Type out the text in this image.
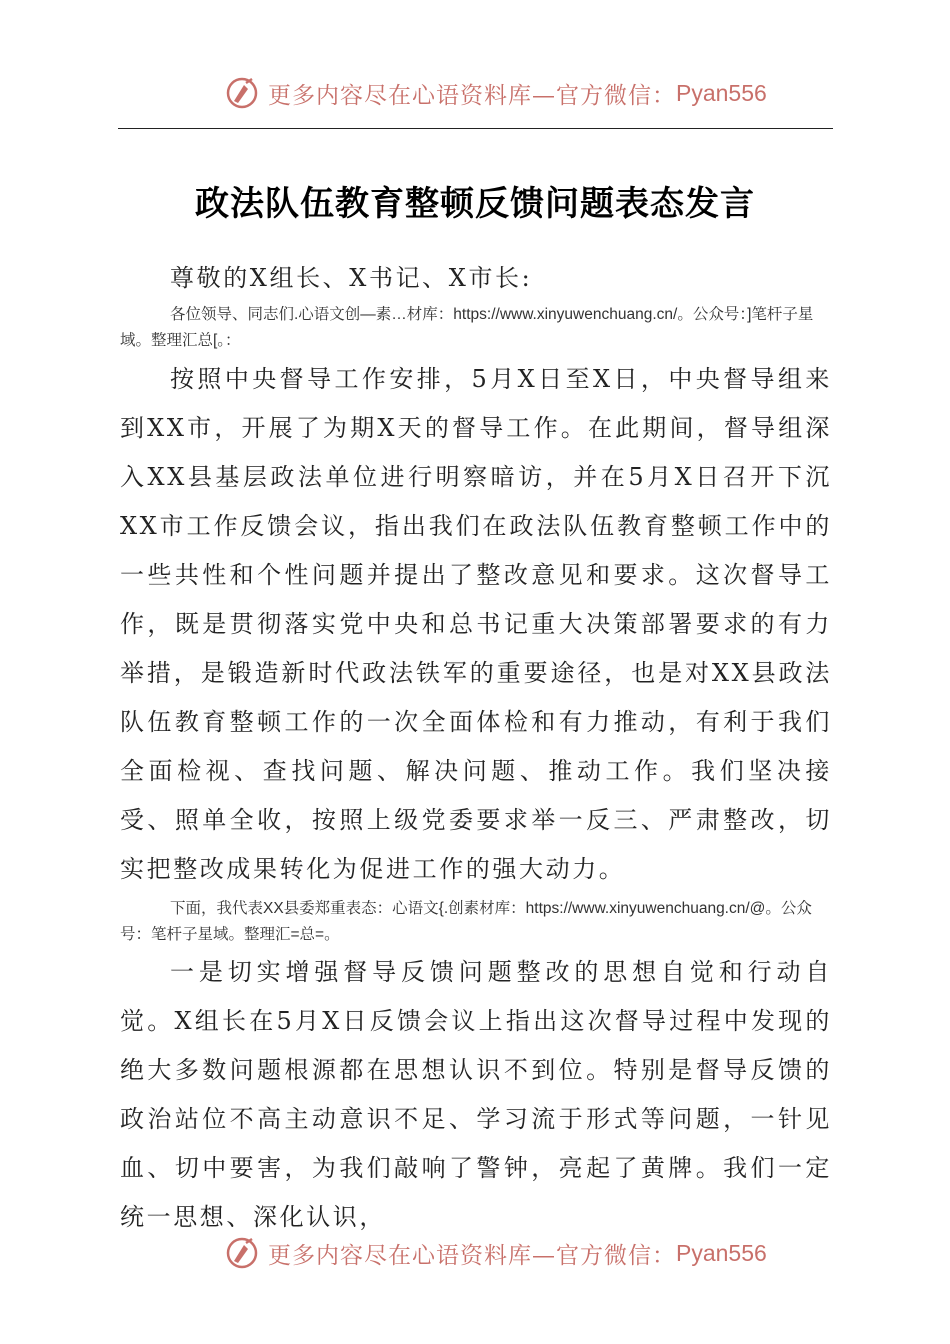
更多内容尽在心语资料库—官方微信： Pyan556
政法队伍教育整顿反馈问题表态发言
尊敬的X组长、X书记、X市长:
各位领导、同志们.心语文创—素…材库：https://www.xinyuwenchuang.cn/。公众号：]笔杆子星域。整理汇总[。：
按照中央督导工作安排，5月X日至X日，中央督导组来到XX市，开展了为期X天的督导工作。在此期间，督导组深入XX县基层政法单位进行明察暗访，并在5月X日召开下沉XX市工作反馈会议，指出我们在政法队伍教育整顿工作中的一些共性和个性问题并提出了整改意见和要求。这次督导工作，既是贯彻落实党中央和总书记重大决策部署要求的有力举措，是锻造新时代政法铁军的重要途径，也是对XX县政法队伍教育整顿工作的一次全面体检和有力推动，有利于我们全面检视、查找问题、解决问题、推动工作。我们坚决接受、照单全收，按照上级党委要求举一反三、严肃整改，切实把整改成果转化为促进工作的强大动力。
下面，我代表XX县委郑重表态：心语文{.创素材库：https://www.xinyuwenchuang.cn/@。公众号：笔杆子星域。整理汇=总=。
一是切实增强督导反馈问题整改的思想自觉和行动自觉。X组长在5月X日反馈会议上指出这次督导过程中发现的绝大多数问题根源都在思想认识不到位。特别是督导反馈的政治站位不高主动意识不足、学习流于形式等问题，一针见血、切中要害，为我们敲响了警钟，亮起了黄牌。我们一定统一思想、深化认识，
更多内容尽在心语资料库—官方微信： Pyan556
